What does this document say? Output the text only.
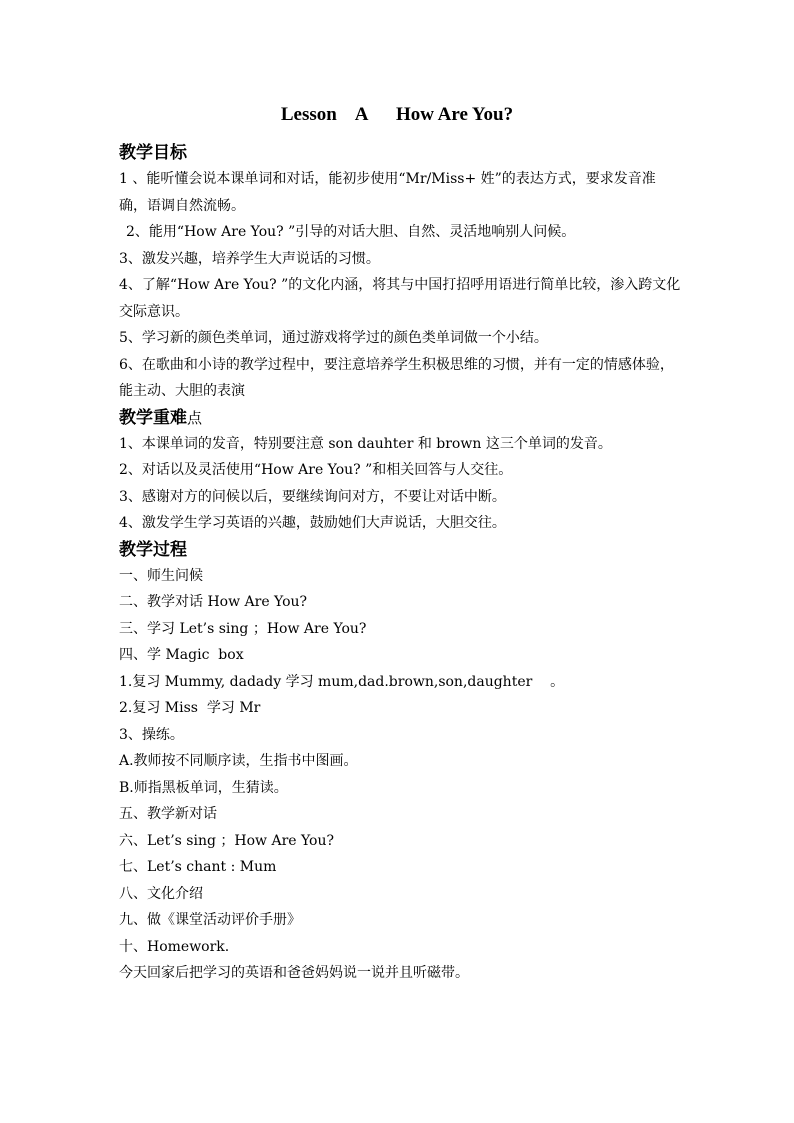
Lesson    A      How Are You?

教学目标

1 、能听懂会说本课单词和对话，能初步使用“Mr/Miss+ 姓”的表达方式，要求发音准确，语调自然流畅。

2、能用“How Are You? ”引导的对话大胆、自然、灵活地响别人问候。

3、激发兴趣，培养学生大声说话的习惯。

4、了解“How Are You? ”的文化内涵，将其与中国打招呼用语进行简单比较，渗入跨文化交际意识。

5、学习新的颜色类单词，通过游戏将学过的颜色类单词做一个小结。

6、在歌曲和小诗的教学过程中，要注意培养学生积极思维的习惯，并有一定的情感体验，能主动、大胆的表演

教学重难点

1、本课单词的发音，特别要注意 son dauhter 和 brown 这三个单词的发音。

2、对话以及灵活使用“How Are You? ”和相关回答与人交往。

3、感谢对方的问候以后，要继续询问对方，不要让对话中断。

4、激发学生学习英语的兴趣，鼓励她们大声说话，大胆交往。

教学过程

一、师生问候

二、教学对话 How Are You?

三、学习 Let’s sing ；How Are You?

四、学 Magic  box

1.复习 Mummy, dadady 学习 mum,dad.brown,son,daughter    。

2.复习 Miss  学习 Mr

3、操练。

A.教师按不同顺序读，生指书中图画。

B.师指黑板单词，生猜读。

五、教学新对话

六、Let’s sing ；How Are You?

七、Let’s chant : Mum

八、文化介绍

九、做《课堂活动评价手册》

十、Homework.

今天回家后把学习的英语和爸爸妈妈说一说并且听磁带。
